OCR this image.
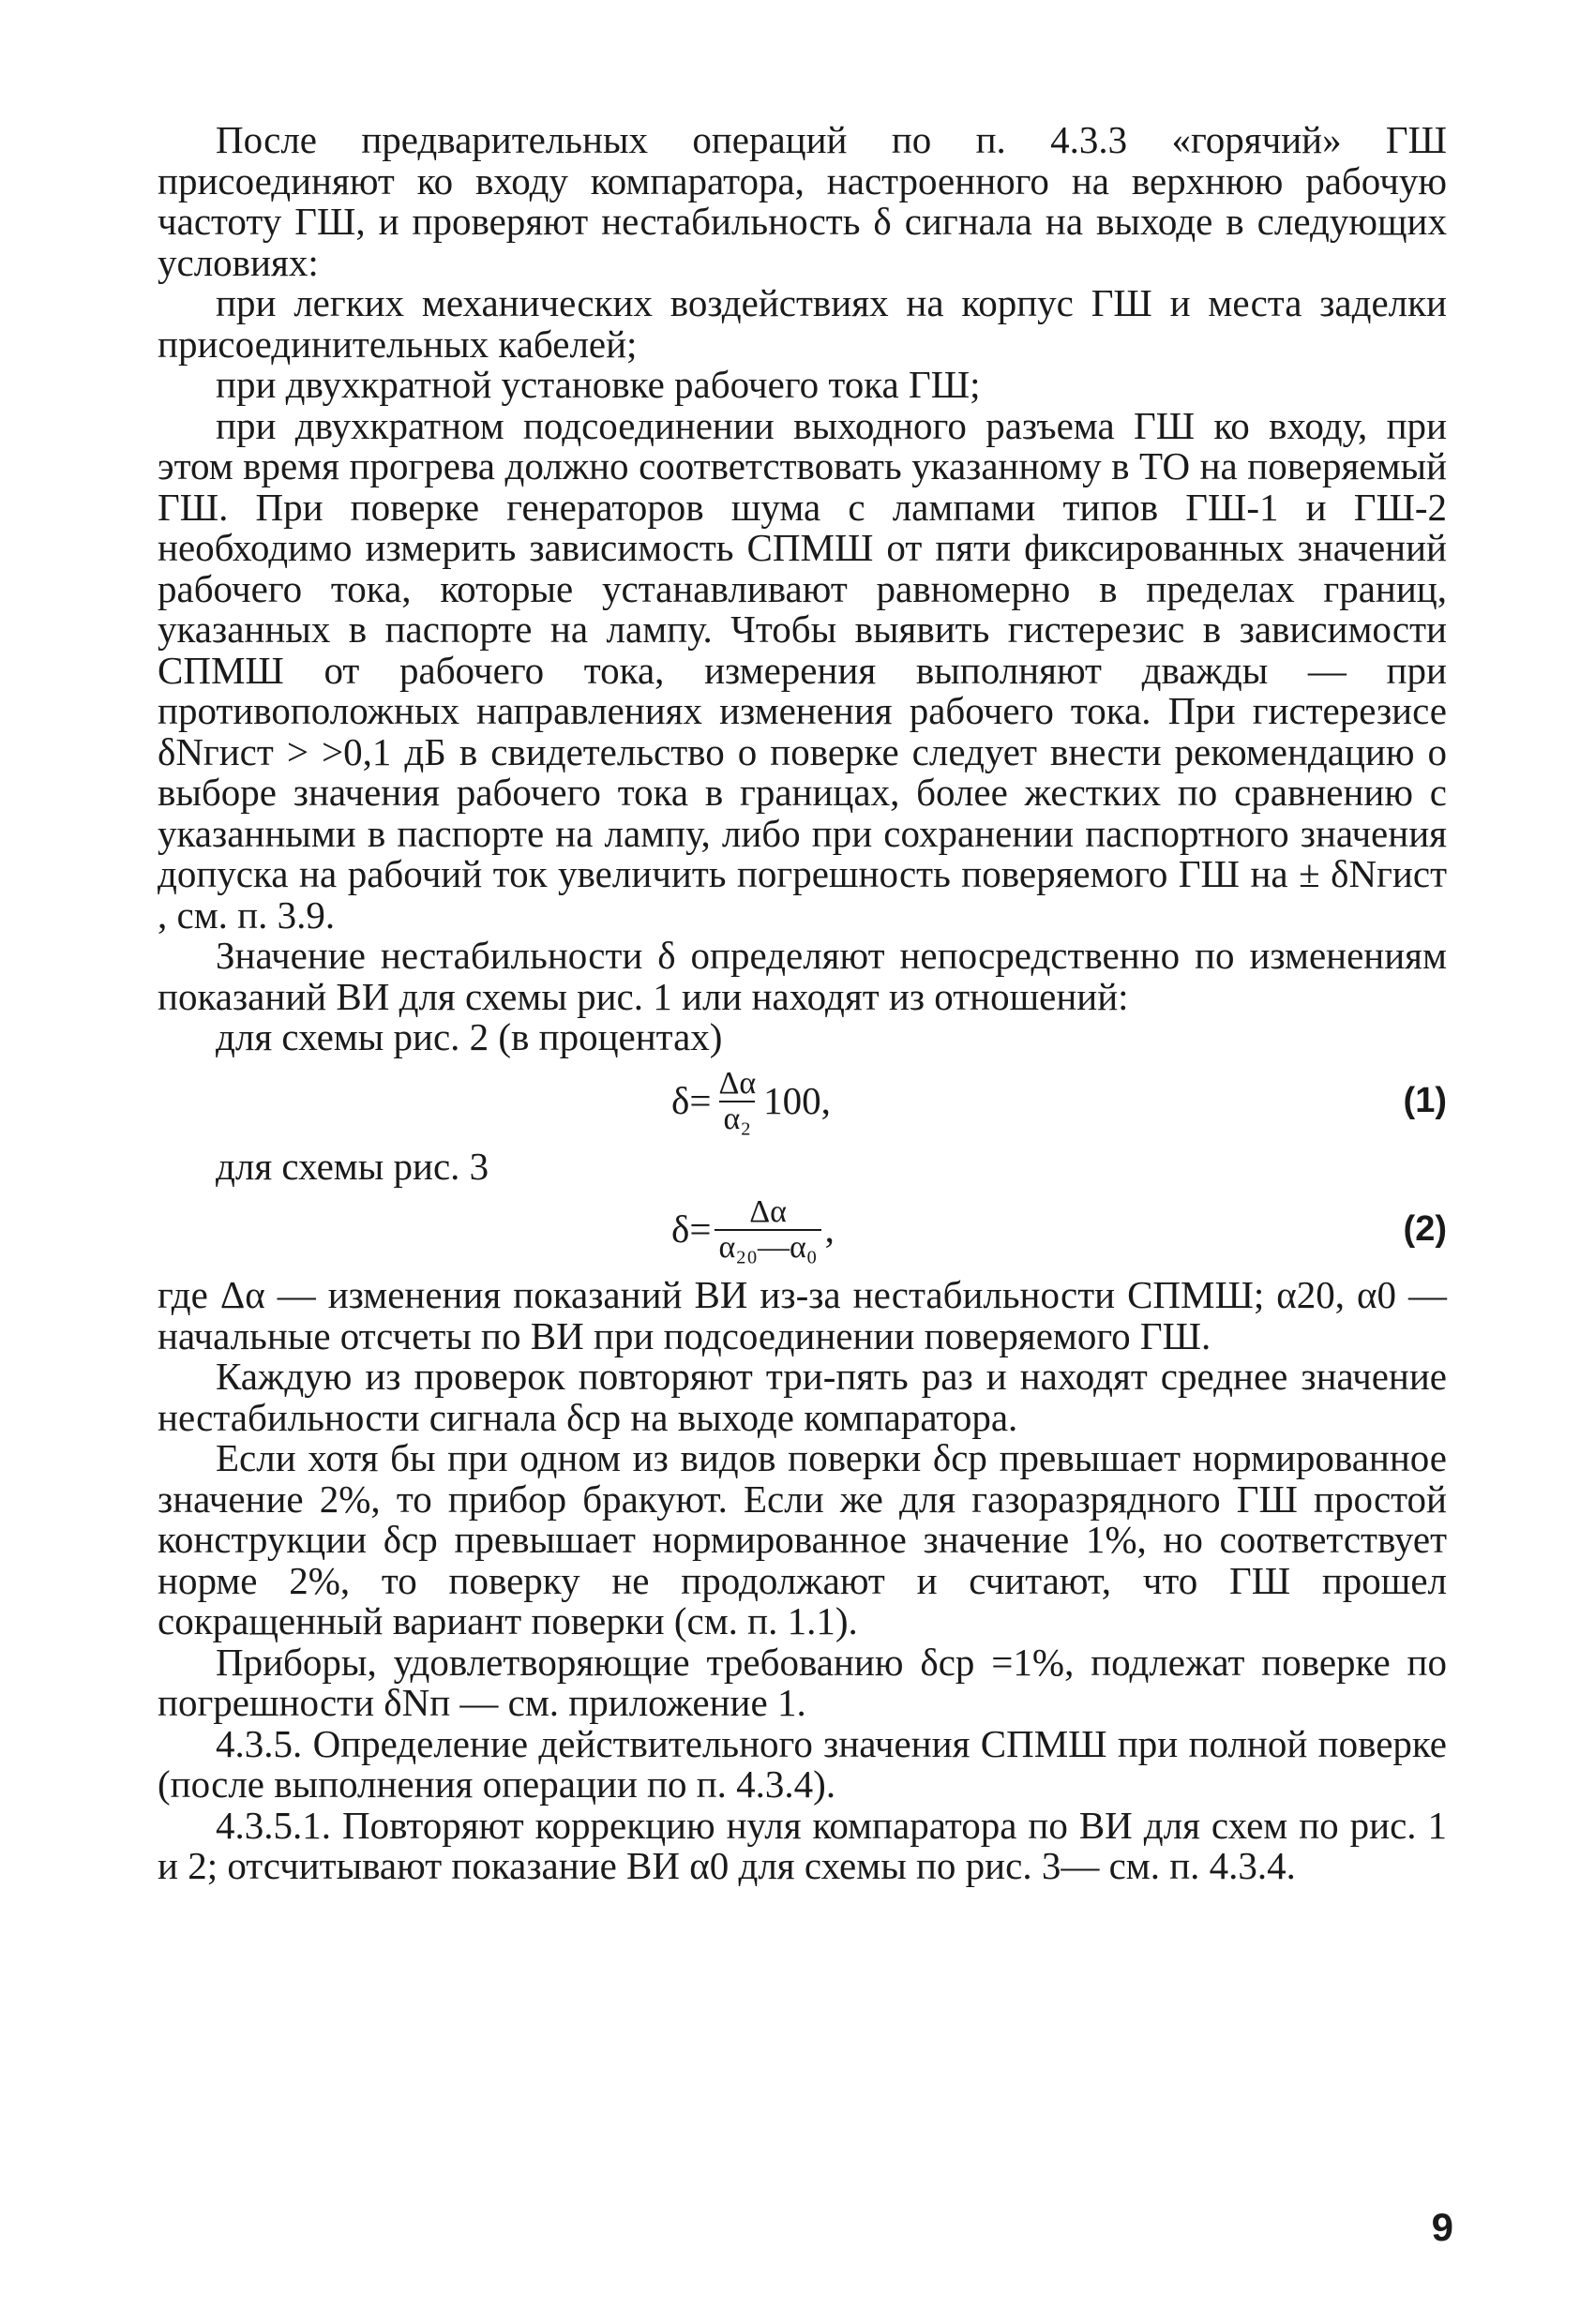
После предварительных операций по п. 4.3.3 «горячий» ГШ присоединяют ко входу компаратора, настроенного на верхнюю рабочую частоту ГШ, и проверяют нестабильность δ сигнала на выходе в следующих условиях:

при легких механических воздействиях на корпус ГШ и места заделки присоединительных кабелей;

при двухкратной установке рабочего тока ГШ;

при двухкратном подсоединении выходного разъема ГШ ко входу, при этом время прогрева должно соответствовать указанному в ТО на поверяемый ГШ. При поверке генераторов шума с лампами типов ГШ-1 и ГШ-2 необходимо измерить зависимость СПМШ от пяти фиксированных значений рабочего тока, которые устанавливают равномерно в пределах границ, указанных в паспорте на лампу. Чтобы выявить гистерезис в зависимости СПМШ от рабочего тока, измерения выполняют дважды — при противоположных направлениях изменения рабочего тока. При гистерезисе δNгист > >0,1 дБ в свидетельство о поверке следует внести рекомендацию о выборе значения рабочего тока в границах, более жестких по сравнению с указанными в паспорте на лампу, либо при сохранении паспортного значения допуска на рабочий ток увеличить погрешность поверяемого ГШ на ± δNгист , см. п. 3.9.

Значение нестабильности δ определяют непосредственно по изменениям показаний ВИ для схемы рис. 1 или находят из отношений:

для схемы рис. 2 (в процентах)

$\delta= \frac{\Delta\alpha}{\text{α₂}} 100$,	(1)

для схемы рис. 3

$\delta= \frac{\Delta\alpha}{\text{α₂₀—α₀}}$ ,	(2)

где Δα — изменения показаний ВИ из-за нестабильности СПМШ; α20, α0 — начальные отсчеты по ВИ при подсоединении поверяемого ГШ.

Каждую из проверок повторяют три-пять раз и находят среднее значение нестабильности сигнала δср на выходе компаратора.

Если хотя бы при одном из видов поверки δср превышает нормированное значение 2%, то прибор бракуют. Если же для газоразрядного ГШ простой конструкции δср превышает нормированное значение 1%, но соответствует норме 2%, то поверку не продолжают и считают, что ГШ прошел сокращенный вариант поверки (см. п. 1.1).

Приборы, удовлетворяющие требованию δср =1%, подлежат поверке по погрешности δNп — см. приложение 1.

4.3.5. Определение действительного значения СПМШ при полной поверке (после выполнения операции по п. 4.3.4).

4.3.5.1. Повторяют коррекцию нуля компаратора по ВИ для схем по рис. 1 и 2; отсчитывают показание ВИ α0 для схемы по рис. 3— см. п. 4.3.4.

9
